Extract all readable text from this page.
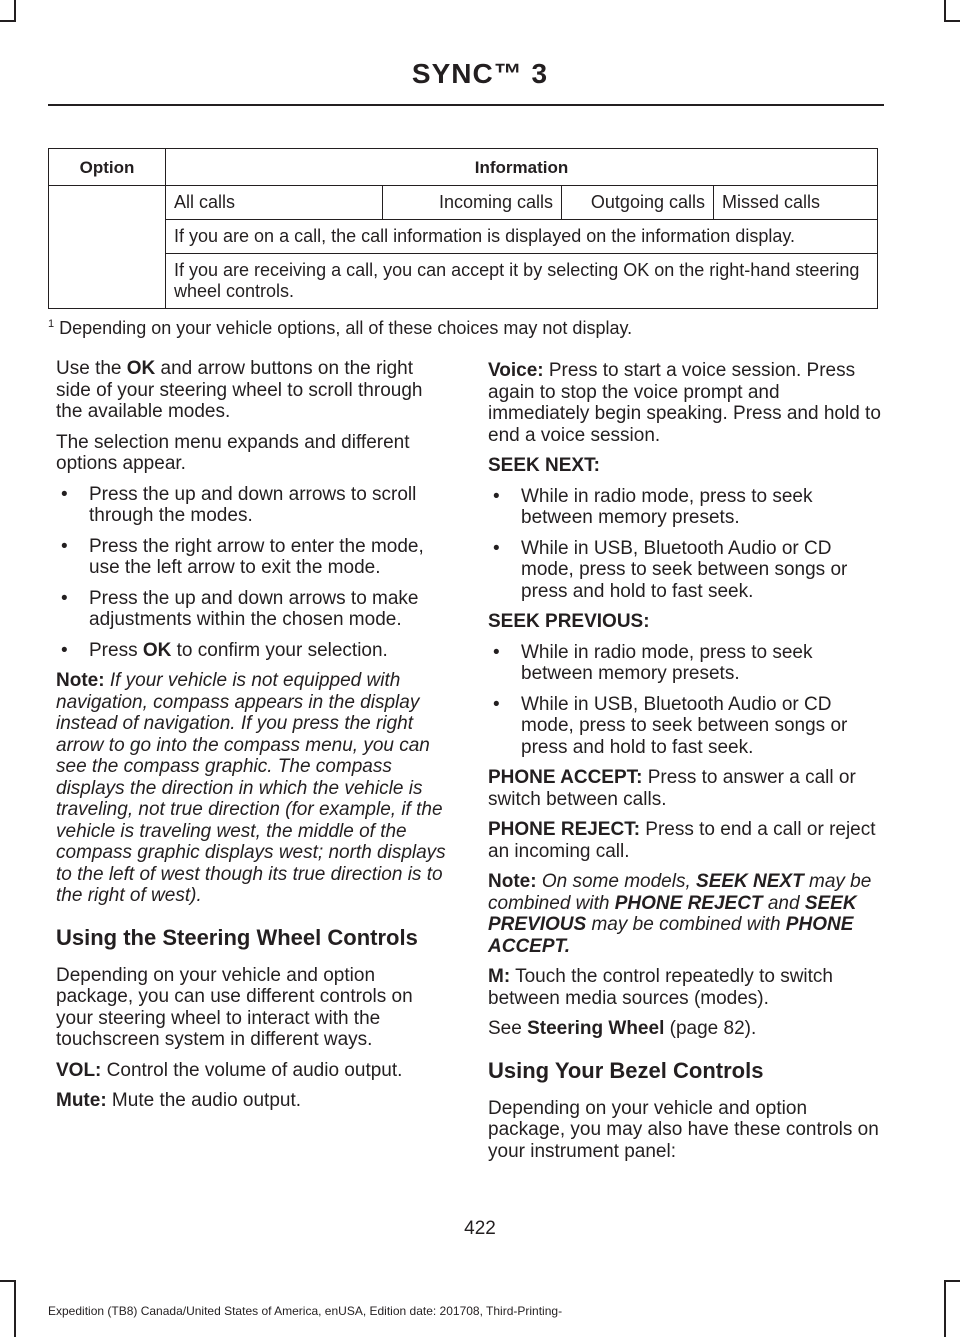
SYNC™ 3
Option	Information			
	All calls	Incoming calls	Outgoing calls	Missed calls
	If you are on a call, the call information is displayed on the information display.			
	If you are receiving a call, you can accept it by selecting OK on the right-hand steering wheel controls.			
$^1$ Depending on your vehicle options, all of these choices may not display.

Use the OK and arrow buttons on the right side of your steering wheel to scroll through the available modes.

The selection menu expands and different options appear.

• Press the up and down arrows to scroll through the modes.
• Press the right arrow to enter the mode, use the left arrow to exit the mode.
• Press the up and down arrows to make adjustments within the chosen mode.
• Press OK to confirm your selection.

Note: If your vehicle is not equipped with navigation, compass appears in the display instead of navigation. If you press the right arrow to go into the compass menu, you can see the compass graphic. The compass displays the direction in which the vehicle is traveling, not true direction (for example, if the vehicle is traveling west, the middle of the compass graphic displays west; north displays to the left of west though its true direction is to the right of west).

Using the Steering Wheel Controls

Depending on your vehicle and option package, you can use different controls on your steering wheel to interact with the touchscreen system in different ways.

VOL: Control the volume of audio output.

Mute: Mute the audio output.

Voice: Press to start a voice session. Press again to stop the voice prompt and immediately begin speaking. Press and hold to end a voice session.

SEEK NEXT:

• While in radio mode, press to seek between memory presets.
• While in USB, Bluetooth Audio or CD mode, press to seek between songs or press and hold to fast seek.

SEEK PREVIOUS:

• While in radio mode, press to seek between memory presets.
• While in USB, Bluetooth Audio or CD mode, press to seek between songs or press and hold to fast seek.

PHONE ACCEPT: Press to answer a call or switch between calls.

PHONE REJECT: Press to end a call or reject an incoming call.

Note: On some models, SEEK NEXT may be combined with PHONE REJECT and SEEK PREVIOUS may be combined with PHONE ACCEPT.

M: Touch the control repeatedly to switch between media sources (modes).

See Steering Wheel (page 82).

Using Your Bezel Controls

Depending on your vehicle and option package, you may also have these controls on your instrument panel:

422
Expedition (TB8) Canada/United States of America, enUSA, Edition date: 201708, Third-Printing-
